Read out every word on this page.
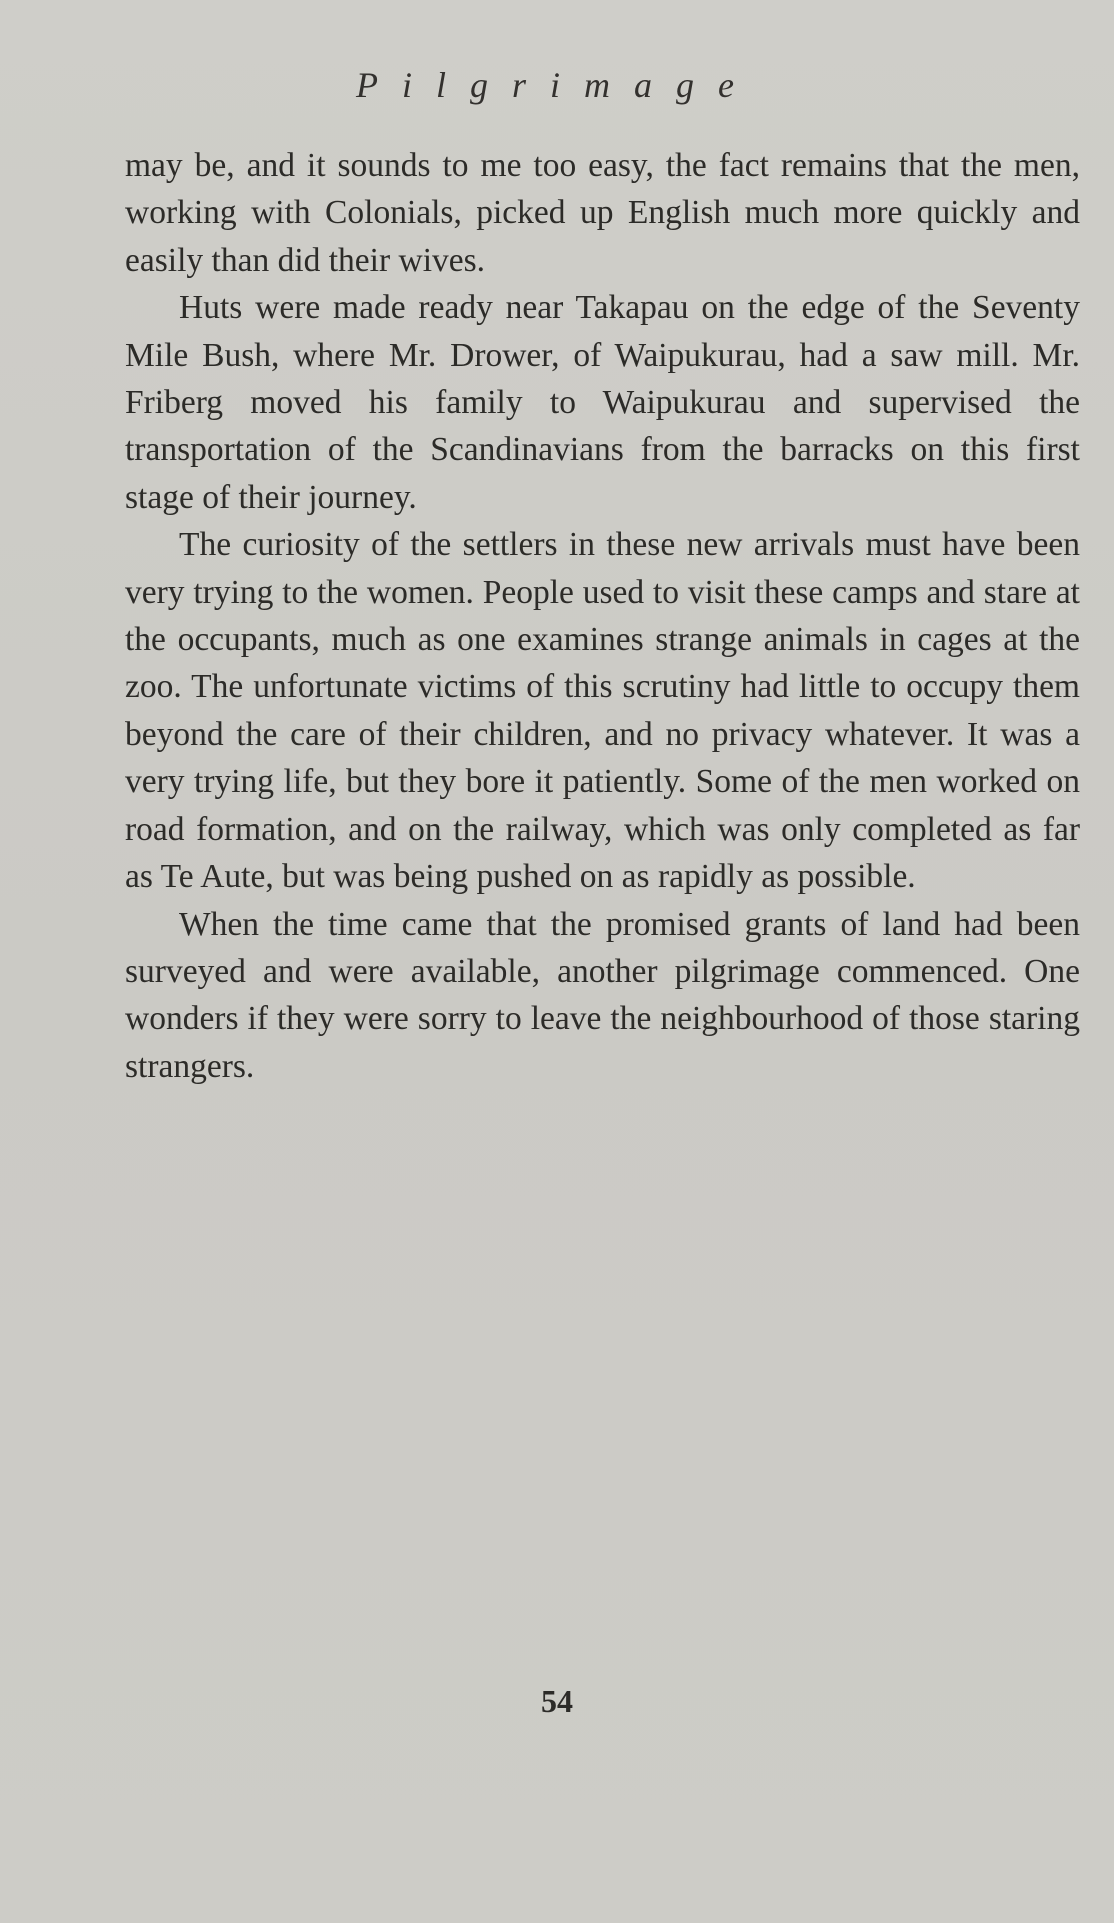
Pilgrimage

may be, and it sounds to me too easy, the fact remains that the men, working with Colonials, picked up English much more quickly and easily than did their wives.

Huts were made ready near Takapau on the edge of the Seventy Mile Bush, where Mr. Drower, of Waipukurau, had a saw mill. Mr. Friberg moved his family to Waipukurau and supervised the transportation of the Scandinavians from the barracks on this first stage of their journey.

The curiosity of the settlers in these new arrivals must have been very trying to the women. People used to visit these camps and stare at the occupants, much as one examines strange animals in cages at the zoo. The unfortunate victims of this scrutiny had little to occupy them beyond the care of their children, and no privacy whatever. It was a very trying life, but they bore it patiently. Some of the men worked on road formation, and on the railway, which was only completed as far as Te Aute, but was being pushed on as rapidly as possible.

When the time came that the promised grants of land had been surveyed and were available, another pilgrimage commenced. One wonders if they were sorry to leave the neighbourhood of those staring strangers.

54
